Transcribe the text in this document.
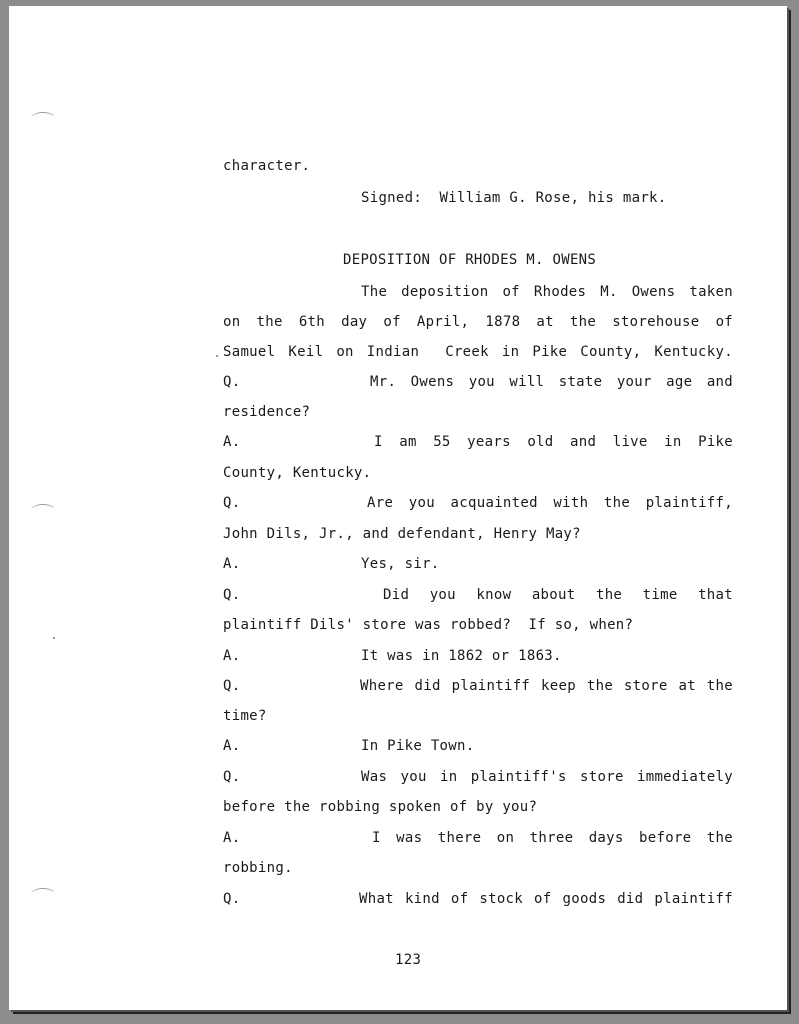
character.
Signed:  William G. Rose, his mark.
DEPOSITION OF RHODES M. OWENS
The deposition of Rhodes M. Owens taken
on the 6th day of April, 1878 at the storehouse of
Samuel Keil on Indian  Creek in Pike County, Kentucky.
Q.	Mr. Owens you will state your age and
residence?
A.	I am 55 years old and live in Pike
County, Kentucky.
Q.	Are you acquainted with the plaintiff,
John Dils, Jr., and defendant, Henry May?
A.	Yes, sir.
Q.	Did you know about the time that
plaintiff Dils' store was robbed?  If so, when?
A.	It was in 1862 or 1863.
Q.	Where did plaintiff keep the store at the
time?
A.	In Pike Town.
Q.	Was you in plaintiff's store immediately
before the robbing spoken of by you?
A.	I was there on three days before the
robbing.
Q.	What kind of stock of goods did plaintiff
123
